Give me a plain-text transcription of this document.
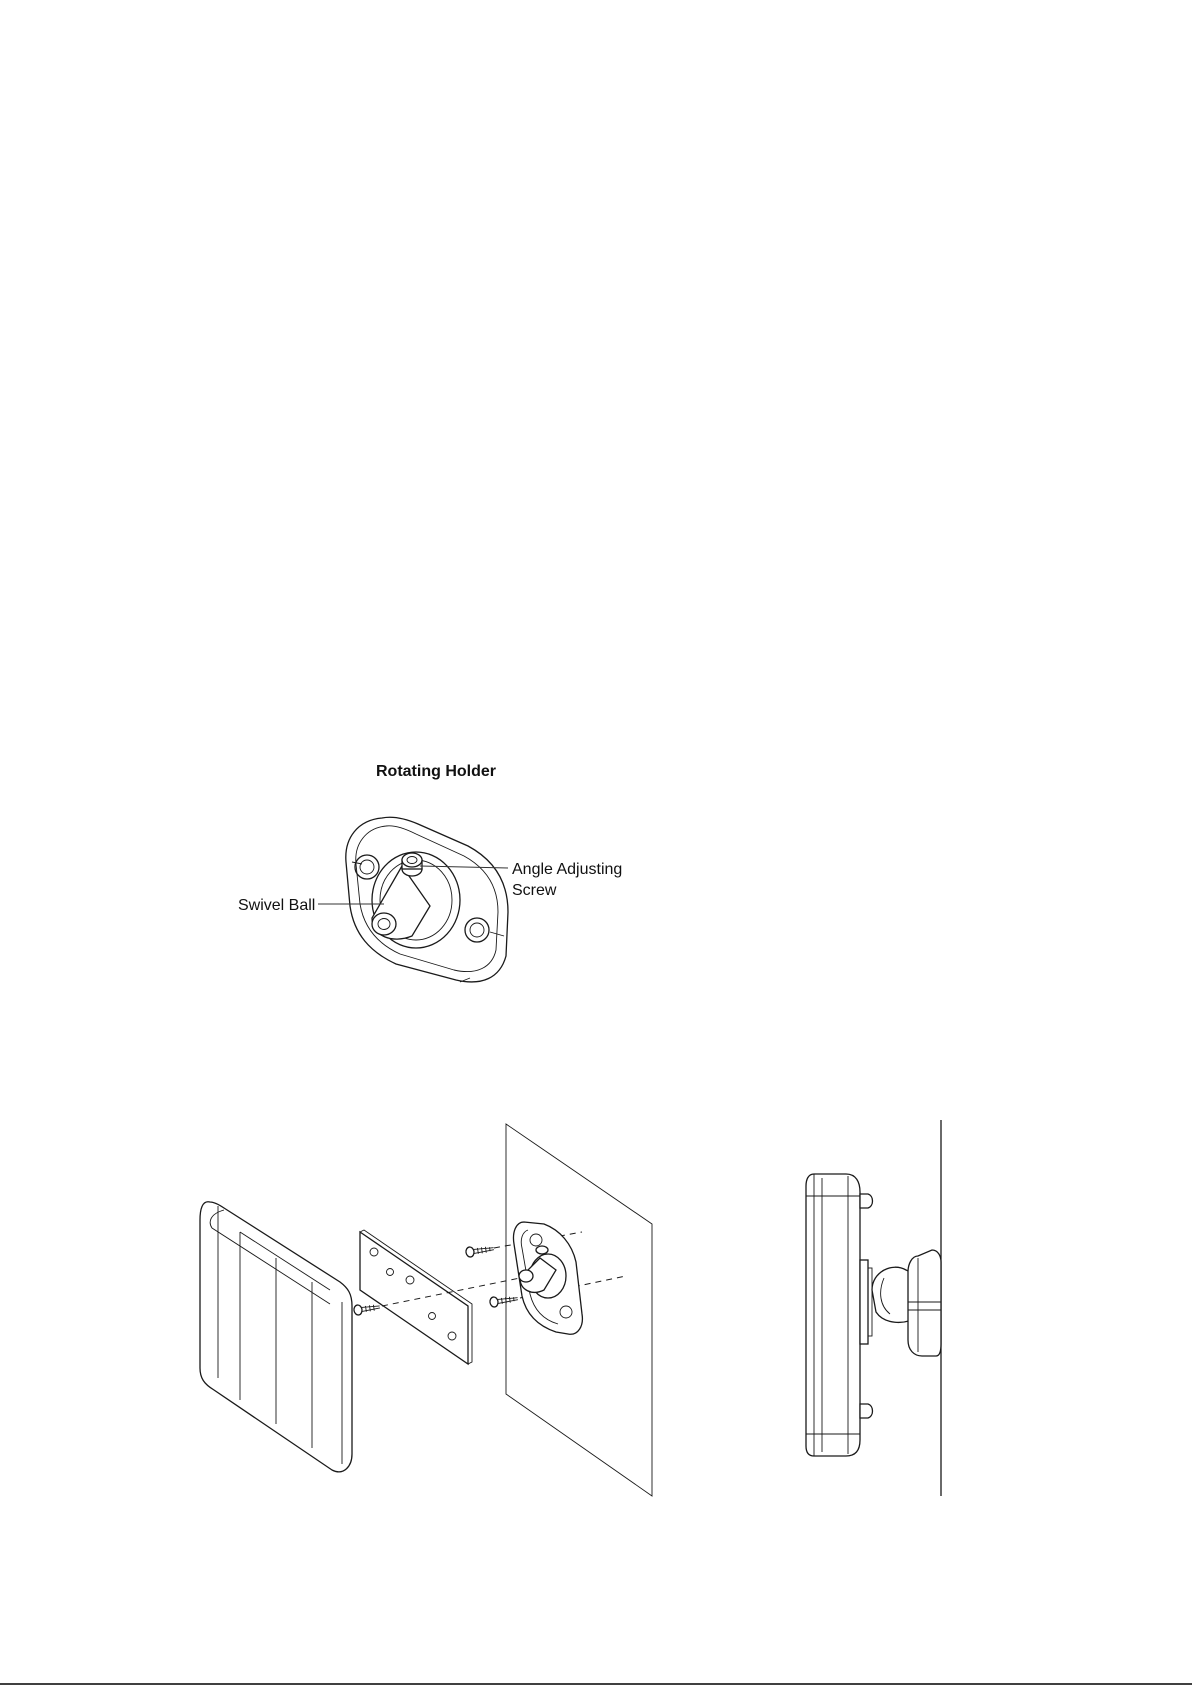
Rotating Holder
Angle Adjusting
Screw
Swivel Ball
